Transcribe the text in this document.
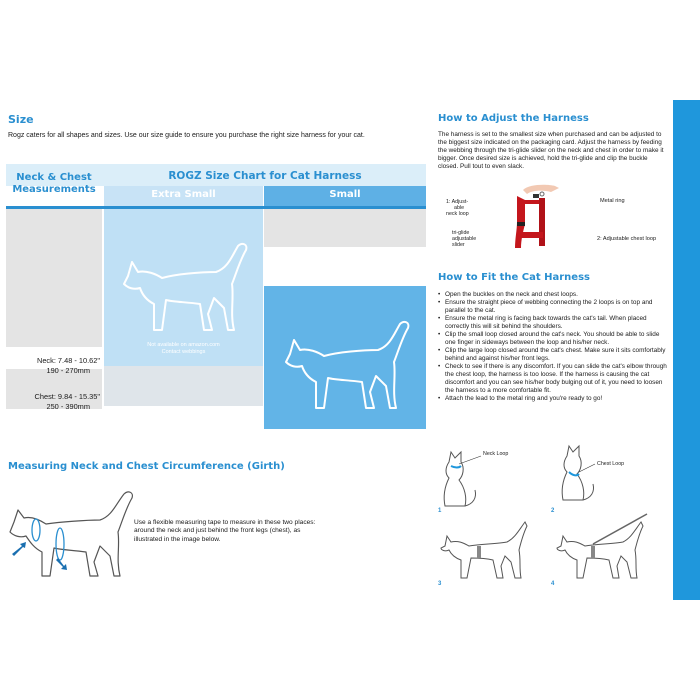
Size
Rogz caters for all shapes and sizes. Use our size guide to ensure you purchase the right size harness for your cat.
Neck & Chest Measurements
ROGZ Size Chart for Cat Harness
Extra Small	Small
Neck: 7.48 - 10.62"
190 - 270mm
Chest: 9.84 - 15.35"
250 - 390mm
Not available on amazon.com
Contact webbings
Measuring Neck and Chest Circumference (Girth)
Use a flexible measuring tape to measure in these two places: around the neck and just behind the front legs (chest), as illustrated in the image below.
How to Adjust the Harness
The harness is set to the smallest size when purchased and can be adjusted to the biggest size indicated on the packaging card. Adjust the harness by feeding the webbing through the tri-glide slider on the neck and chest in order to make it bigger. Once desired size is achieved, hold the tri-glide and clip the buckle closed. Pull tout to even slack.
1: Adjust-
able
neck loop
Metal ring
tri-glide
adjustable
slider
2: Adjustable chest loop
How to Fit the Cat Harness
• Open the buckles on the neck and chest loops.
• Ensure the straight piece of webbing connecting the 2 loops is on top and parallel to the cat.
• Ensure the metal ring is facing back towards the cat's tail. When placed correctly this will sit behind the shoulders.
• Clip the small loop closed around the cat's neck. You should be able to slide one finger in sideways between the loop and his/her neck.
• Clip the large loop closed around the cat's chest. Make sure it sits comfortably behind and against his/her front legs.
• Check to see if there is any discomfort. If you can slide the cat's elbow through the chest loop, the harness is too loose. If the harness is causing the cat discomfort and you can see his/her body bulging out of it, you need to loosen the harness to a more comfortable fit.
• Attach the lead to the metal ring and you're ready to go!
Neck Loop
Chest Loop
1	2
3	4
